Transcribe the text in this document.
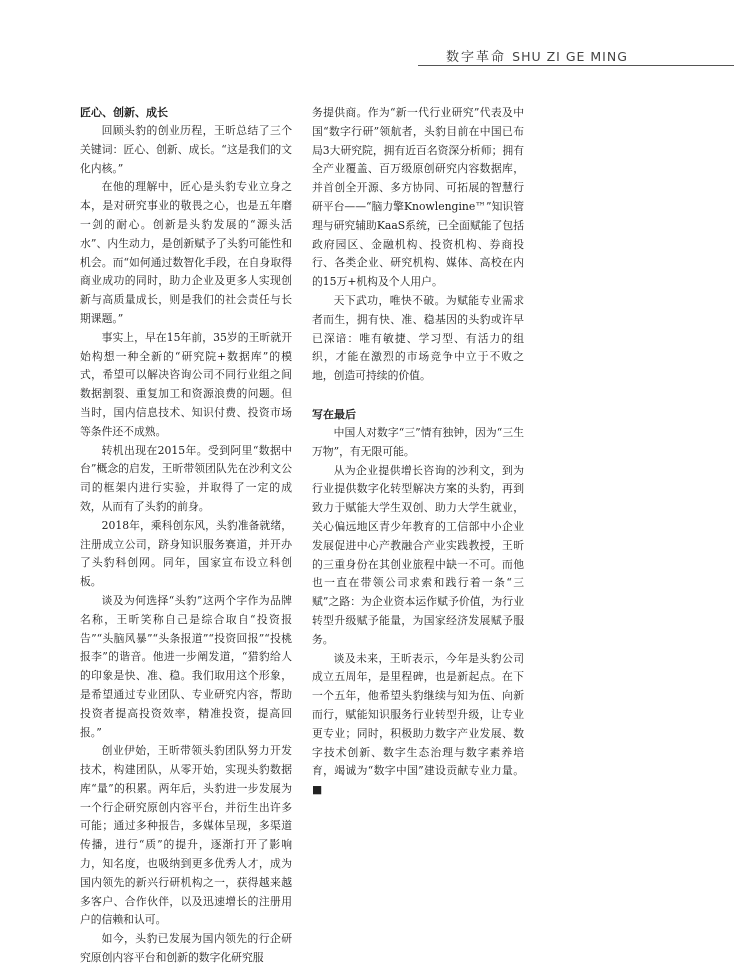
数字革命 SHU ZI GE MING
匠心、创新、成长

回顾头豹的创业历程，王昕总结了三个关键词：匠心、创新、成长。“这是我们的文化内核。”

在他的理解中，匠心是头豹专业立身之本，是对研究事业的敬畏之心，也是五年磨一剑的耐心。创新是头豹发展的“源头活水”、内生动力，是创新赋予了头豹可能性和机会。而“如何通过数智化手段，在自身取得商业成功的同时，助力企业及更多人实现创新与高质量成长，则是我们的社会责任与长期课题。”

事实上，早在15年前，35岁的王昕就开始构想一种全新的“研究院+数据库”的模式，希望可以解决咨询公司不同行业组之间数据割裂、重复加工和资源浪费的问题。但当时，国内信息技术、知识付费、投资市场等条件还不成熟。

转机出现在2015年。受到阿里“数据中台”概念的启发，王昕带领团队先在沙利文公司的框架内进行实验，并取得了一定的成效，从而有了头豹的前身。

2018年，乘科创东风，头豹准备就绪，注册成立公司，跻身知识服务赛道，并开办了头豹科创网。同年，国家宣布设立科创板。

谈及为何选择“头豹”这两个字作为品牌名称，王昕笑称自己是综合取自“投资报告”“头脑风暴”“头条报道”“投资回报”“投桃报李”的谐音。他进一步阐发道，“猎豹给人的印象是快、准、稳。我们取用这个形象，是希望通过专业团队、专业研究内容，帮助投资者提高投资效率，精准投资，提高回报。”

创业伊始，王昕带领头豹团队努力开发技术，构建团队，从零开始，实现头豹数据库“量”的积累。两年后，头豹进一步发展为一个行企研究原创内容平台，并衍生出许多可能；通过多种报告，多媒体呈现，多渠道传播，进行“质”的提升，逐渐打开了影响力，知名度，也吸纳到更多优秀人才，成为国内领先的新兴行研机构之一，获得越来越多客户、合作伙伴，以及迅速增长的注册用户的信赖和认可。

如今，头豹已发展为国内领先的行企研究原创内容平台和创新的数字化研究服

务提供商。作为“新一代行业研究”代表及中国“数字行研”领航者，头豹目前在中国已布局3大研究院，拥有近百名资深分析师；拥有全产业覆盖、百万级原创研究内容数据库，并首创全开源、多方协同、可拓展的智慧行研平台——“脑力擎Knowlengine™”知识管理与研究辅助KaaS系统，已全面赋能了包括政府园区、金融机构、投资机构、券商投行、各类企业、研究机构、媒体、高校在内的15万+机构及个人用户。

天下武功，唯快不破。为赋能专业需求者而生，拥有快、准、稳基因的头豹或许早已深谙：唯有敏捷、学习型、有活力的组织，才能在激烈的市场竞争中立于不败之地，创造可持续的价值。

写在最后

中国人对数字“三”情有独钟，因为“三生万物”，有无限可能。

从为企业提供增长咨询的沙利文，到为行业提供数字化转型解决方案的头豹，再到致力于赋能大学生双创、助力大学生就业，关心偏远地区青少年教育的工信部中小企业发展促进中心产教融合产业实践教授，王昕的三重身份在其创业旅程中缺一不可。而他也一直在带领公司求索和践行着一条“三赋”之路：为企业资本运作赋予价值，为行业转型升级赋予能量，为国家经济发展赋予服务。

谈及未来，王昕表示，今年是头豹公司成立五周年，是里程碑，也是新起点。在下一个五年，他希望头豹继续与知为伍、向新而行，赋能知识服务行业转型升级，让专业更专业；同时，积极助力数字产业发展、数字技术创新、数字生态治理与数字素养培育，竭诚为“数字中国”建设贡献专业力量。■
